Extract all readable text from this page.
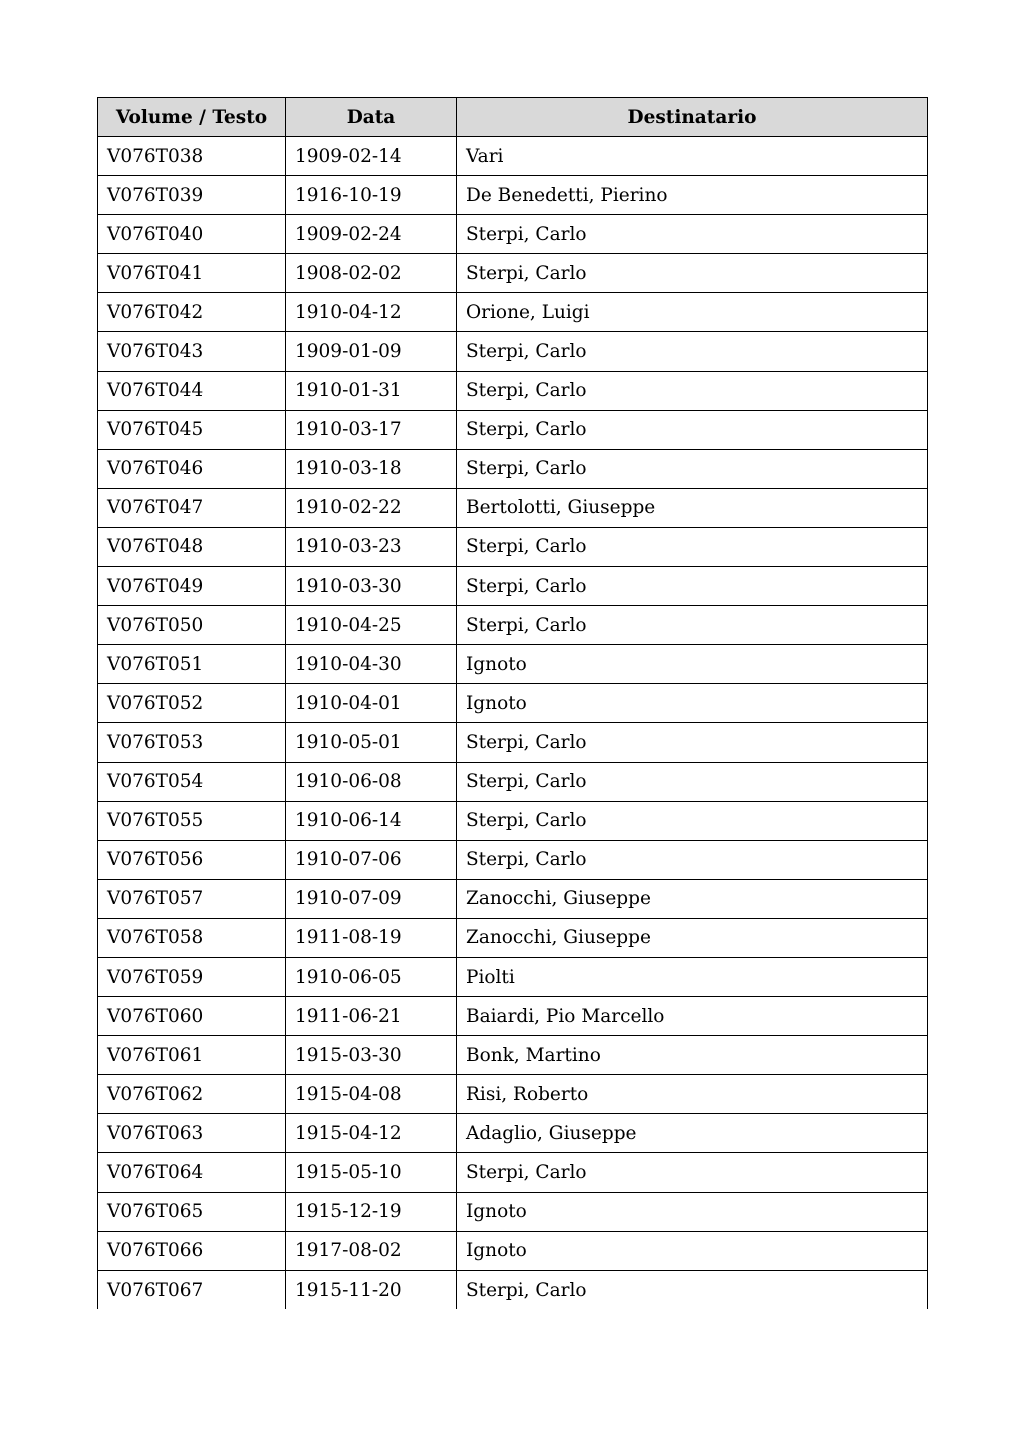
Volume / Testo	Data	Destinatario
V076T038	1909-02-14	Vari
V076T039	1916-10-19	De Benedetti, Pierino
V076T040	1909-02-24	Sterpi, Carlo
V076T041	1908-02-02	Sterpi, Carlo
V076T042	1910-04-12	Orione, Luigi
V076T043	1909-01-09	Sterpi, Carlo
V076T044	1910-01-31	Sterpi, Carlo
V076T045	1910-03-17	Sterpi, Carlo
V076T046	1910-03-18	Sterpi, Carlo
V076T047	1910-02-22	Bertolotti, Giuseppe
V076T048	1910-03-23	Sterpi, Carlo
V076T049	1910-03-30	Sterpi, Carlo
V076T050	1910-04-25	Sterpi, Carlo
V076T051	1910-04-30	Ignoto
V076T052	1910-04-01	Ignoto
V076T053	1910-05-01	Sterpi, Carlo
V076T054	1910-06-08	Sterpi, Carlo
V076T055	1910-06-14	Sterpi, Carlo
V076T056	1910-07-06	Sterpi, Carlo
V076T057	1910-07-09	Zanocchi, Giuseppe
V076T058	1911-08-19	Zanocchi, Giuseppe
V076T059	1910-06-05	Piolti
V076T060	1911-06-21	Baiardi, Pio Marcello
V076T061	1915-03-30	Bonk, Martino
V076T062	1915-04-08	Risi, Roberto
V076T063	1915-04-12	Adaglio, Giuseppe
V076T064	1915-05-10	Sterpi, Carlo
V076T065	1915-12-19	Ignoto
V076T066	1917-08-02	Ignoto
V076T067	1915-11-20	Sterpi, Carlo
